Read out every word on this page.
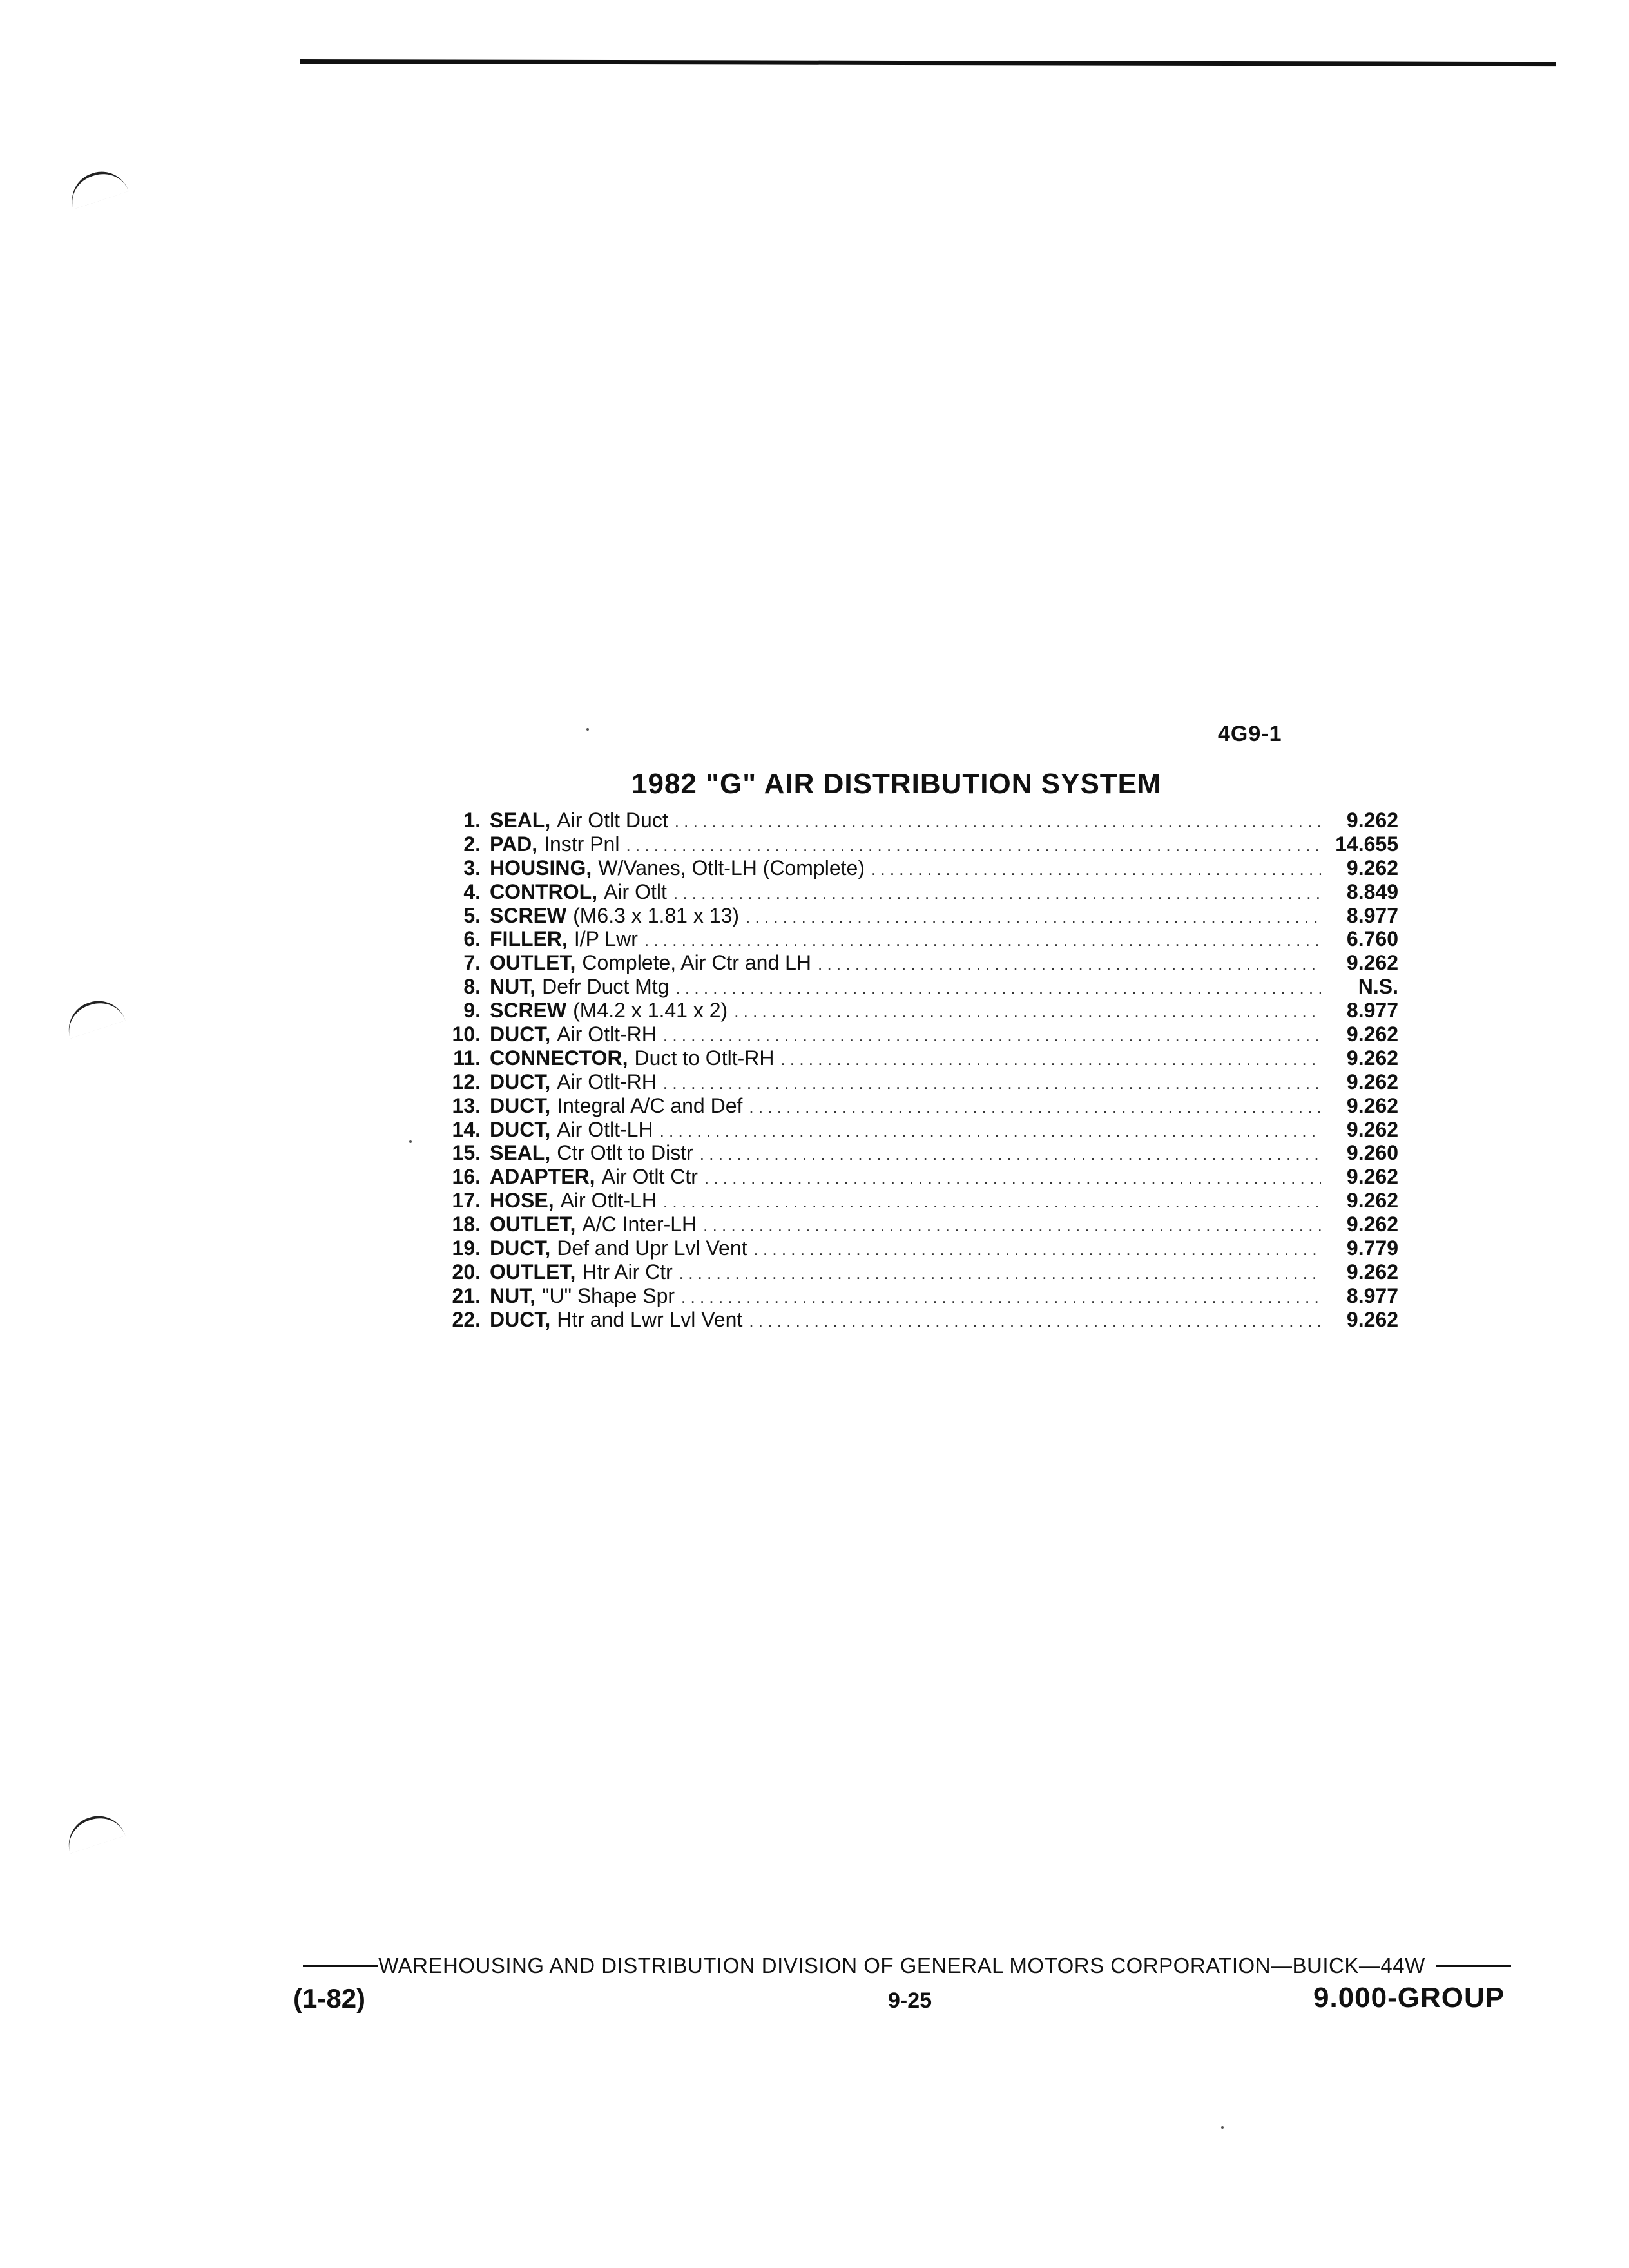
4G9-1
1982 "G" AIR DISTRIBUTION SYSTEM
1. SEAL, Air Otlt Duct . . .	9.262
2. PAD, Instr Pnl . . .	14.655
3. HOUSING, W/Vanes, Otlt-LH (Complete) . . .	9.262
4. CONTROL, Air Otlt . . .	8.849
5. SCREW (M6.3 x 1.81 x 13) . . .	8.977
6. FILLER, I/P Lwr . . .	6.760
7. OUTLET, Complete, Air Ctr and LH . . .	9.262
8. NUT, Defr Duct Mtg . . .	N.S.
9. SCREW (M4.2 x 1.41 x 2) . . .	8.977
10. DUCT, Air Otlt-RH . . .	9.262
11. CONNECTOR, Duct to Otlt-RH . . .	9.262
12. DUCT, Air Otlt-RH . . .	9.262
13. DUCT, Integral A/C and Def . . .	9.262
14. DUCT, Air Otlt-LH . . .	9.262
15. SEAL, Ctr Otlt to Distr . . .	9.260
16. ADAPTER, Air Otlt Ctr . . .	9.262
17. HOSE, Air Otlt-LH . . .	9.262
18. OUTLET, A/C Inter-LH . . .	9.262
19. DUCT, Def and Upr Lvl Vent . . .	9.779
20. OUTLET, Htr Air Ctr . . .	9.262
21. NUT, "U" Shape Spr . . .	8.977
22. DUCT, Htr and Lwr Lvl Vent . . .	9.262
WAREHOUSING AND DISTRIBUTION DIVISION OF GENERAL MOTORS CORPORATION—BUICK—44W
(1-82)	9-25	9.000-GROUP
